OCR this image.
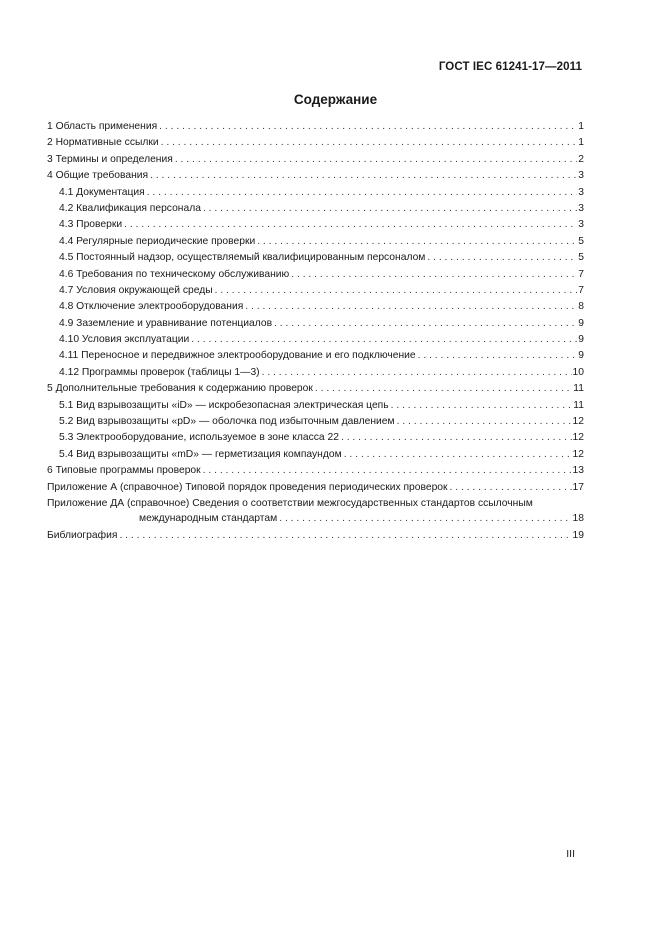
ГОСТ IEC 61241-17—2011
Содержание
1 Область применения . . .	1
2 Нормативные ссылки . . .	1
3 Термины и определения . . .	2
4 Общие требования . . .	3
4.1 Документация . . .	3
4.2 Квалификация персонала . . .	3
4.3 Проверки . . .	3
4.4 Регулярные периодические проверки . . .	5
4.5 Постоянный надзор, осуществляемый квалифицированным персоналом . . .	5
4.6 Требования по техническому обслуживанию . . .	7
4.7 Условия окружающей среды . . .	7
4.8 Отключение электрооборудования . . .	8
4.9 Заземление и уравнивание потенциалов . . .	9
4.10 Условия эксплуатации . . .	9
4.11 Переносное и передвижное электрооборудование и его подключение . . .	9
4.12 Программы проверок (таблицы 1—3) . . .	10
5 Дополнительные требования к содержанию проверок . . .	11
5.1 Вид взрывозащиты «iD» — искробезопасная электрическая цепь . . .	11
5.2 Вид взрывозащиты «pD» — оболочка под избыточным давлением . . .	12
5.3 Электрооборудование, используемое в зоне класса 22 . . .	12
5.4 Вид взрывозащиты «mD» — герметизация компаундом . . .	12
6 Типовые программы проверок . . .	13
Приложение А (справочное) Типовой порядок проведения периодических проверок . . .	17
Приложение ДА (справочное) Сведения о соответствии межгосударственных стандартов ссылочным
международным стандартам . . .	18
Библиография . . .	19
III
